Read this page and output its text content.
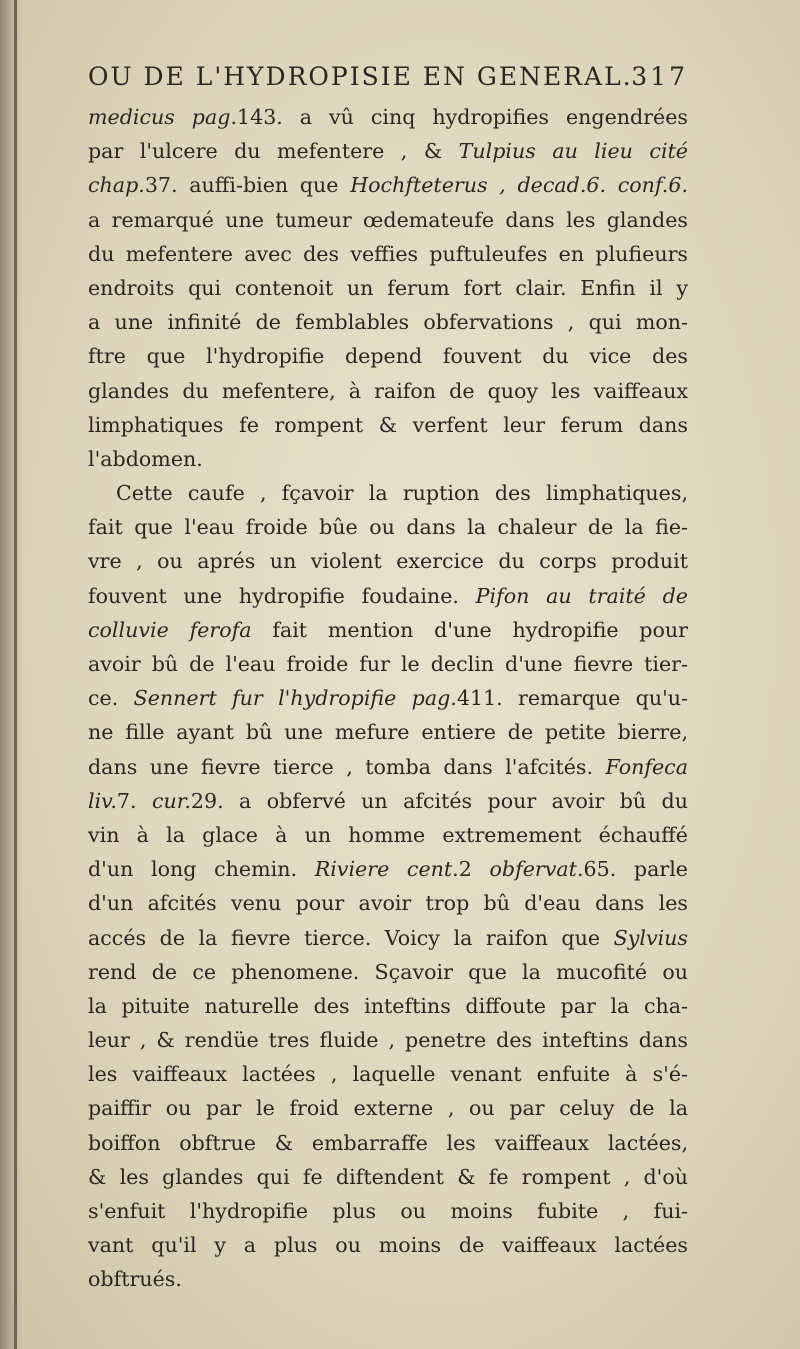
OU DE L'HYDROPISIE EN GENERAL.
317
medicus pag.143. a vû cinq hydropifies engendrées
par l'ulcere du mefentere , & Tulpius au lieu cité
chap.37. auffi-bien que Hochfteterus , decad.6. conf.6.
a remarqué une tumeur œdemateufe dans les glandes
du mefentere avec des veffies puftuleufes en plufieurs
endroits qui contenoit un ferum fort clair. Enfin il y
a une infinité de femblables obfervations , qui mon-
ftre que l'hydropifie depend fouvent du vice des
glandes du mefentere, à raifon de quoy les vaiffeaux
limphatiques fe rompent & verfent leur ferum dans
l'abdomen.
Cette caufe , fçavoir la ruption des limphatiques,
fait que l'eau froide bûe ou dans la chaleur de la fie-
vre , ou aprés un violent exercice du corps produit
fouvent une hydropifie foudaine. Pifon au traité de
colluvie ferofa fait mention d'une hydropifie pour
avoir bû de l'eau froide fur le declin d'une fievre tier-
ce. Sennert fur l'hydropifie pag.411. remarque qu'u-
ne fille ayant bû une mefure entiere de petite bierre,
dans une fievre tierce , tomba dans l'afcités. Fonfeca
liv.7. cur.29. a obfervé un afcités pour avoir bû du
vin à la glace à un homme extremement échauffé
d'un long chemin. Riviere cent.2 obfervat.65. parle
d'un afcités venu pour avoir trop bû d'eau dans les
accés de la fievre tierce. Voicy la raifon que Sylvius
rend de ce phenomene. Sçavoir que la mucofité ou
la pituite naturelle des inteftins diffoute par la cha-
leur , & rendüe tres fluide , penetre des inteftins dans
les vaiffeaux lactées , laquelle venant enfuite à s'é-
paiffir ou par le froid externe , ou par celuy de la
boiffon obftrue & embarraffe les vaiffeaux lactées,
& les glandes qui fe diftendent & fe rompent , d'où
s'enfuit l'hydropifie plus ou moins fubite , fui-
vant qu'il y a plus ou moins de vaiffeaux lactées
obftrués.
